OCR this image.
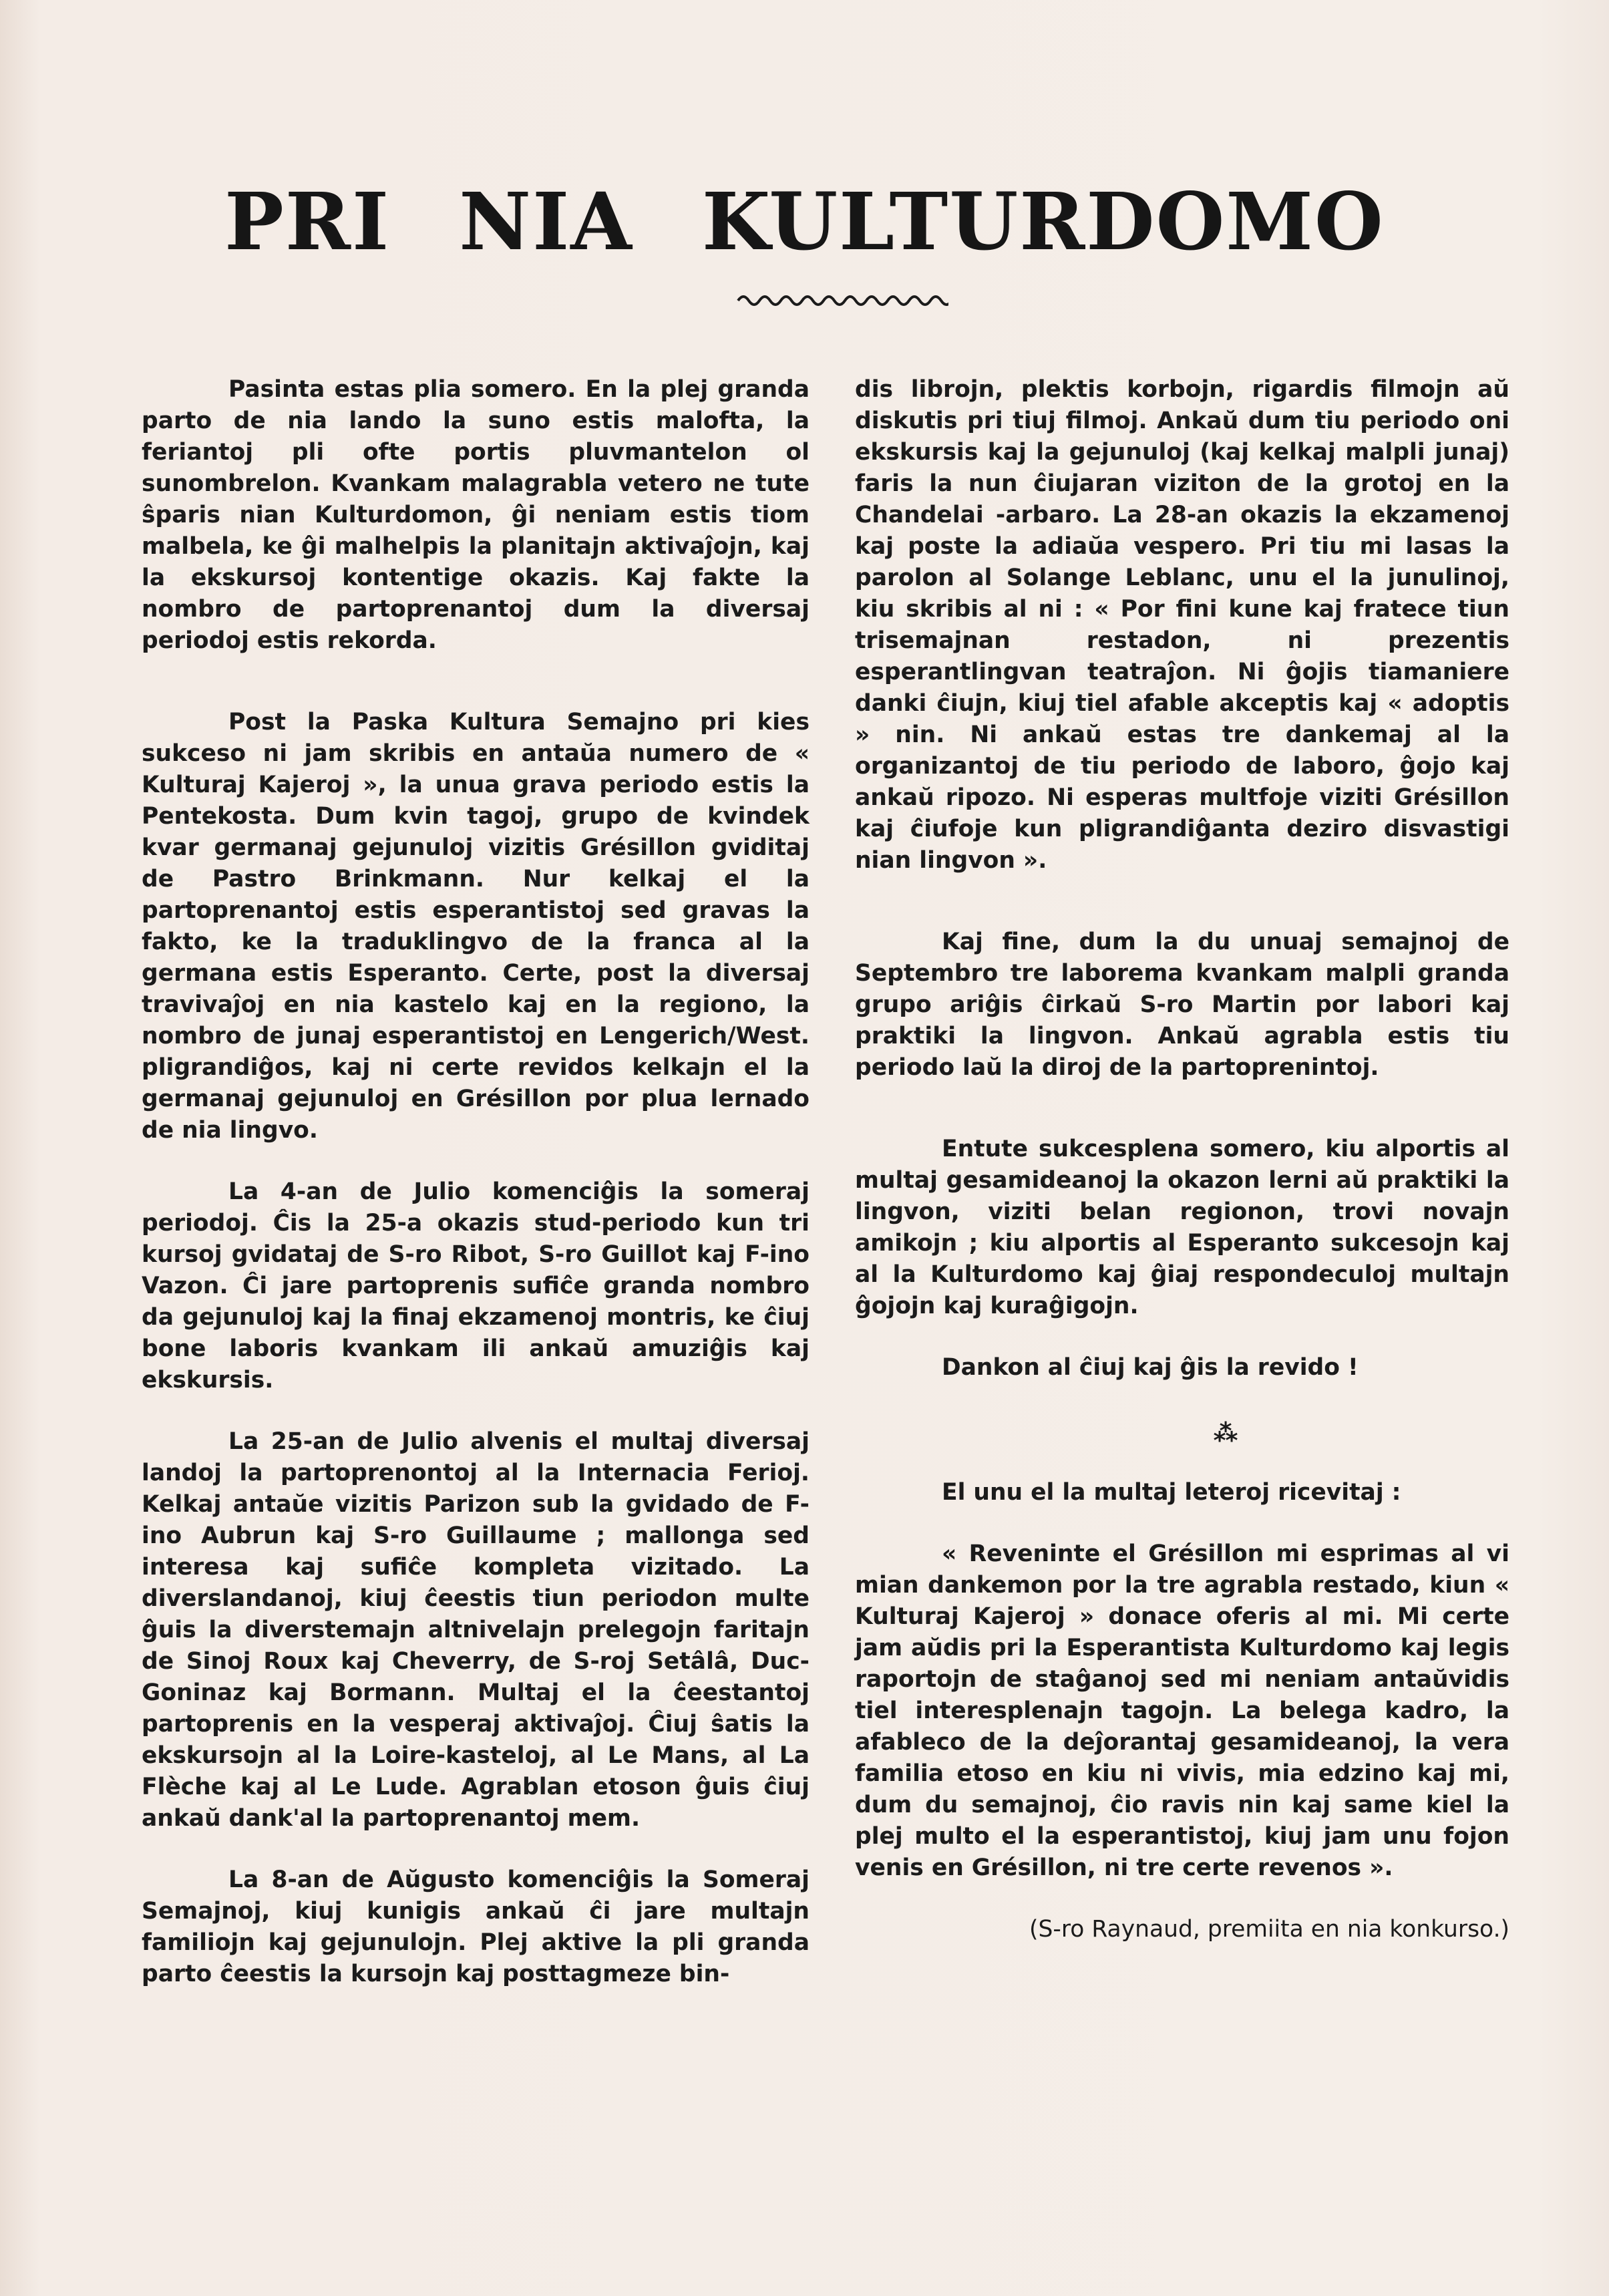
PRI NIA KULTURDOMO

Pasinta estas plia somero. En la plej granda parto de nia lando la suno estis malofta, la feriantoj pli ofte portis pluvmantelon ol sunombrelon. Kvankam malagrabla vetero ne tute ŝparis nian Kulturdomon, ĝi neniam estis tiom malbela, ke ĝi malhelpis la planitajn aktivaĵojn, kaj la ekskursoj kontentige okazis. Kaj fakte la nombro de partoprenantoj dum la diversaj periodoj estis rekorda.

Post la Paska Kultura Semajno pri kies sukceso ni jam skribis en antaŭa numero de « Kulturaj Kajeroj », la unua grava periodo estis la Pentekosta. Dum kvin tagoj, grupo de kvindek kvar germanaj gejunuloj vizitis Grésillon gviditaj de Pastro Brinkmann. Nur kelkaj el la partoprenantoj estis esperantistoj sed gravas la fakto, ke la traduklingvo de la franca al la germana estis Esperanto. Certe, post la diversaj travivaĵoj en nia kastelo kaj en la regiono, la nombro de junaj esperantistoj en Lengerich/West. pligrandiĝos, kaj ni certe revidos kelkajn el la germanaj gejunuloj en Grésillon por plua lernado de nia lingvo.

La 4-an de Julio komenciĝis la someraj periodoj. Ĉis la 25-a okazis stud-periodo kun tri kursoj gvidataj de S-ro Ribot, S-ro Guillot kaj F-ino Vazon. Ĉi jare partoprenis sufiĉe granda nombro da gejunuloj kaj la finaj ekzamenoj montris, ke ĉiuj bone laboris kvankam ili ankaŭ amuziĝis kaj ekskursis.

La 25-an de Julio alvenis el multaj diversaj landoj la partoprenontoj al la Internacia Ferioj. Kelkaj antaŭe vizitis Parizon sub la gvidado de F-ino Aubrun kaj S-ro Guillaume ; mallonga sed interesa kaj sufiĉe kompleta vizitado. La diverslandanoj, kiuj ĉeestis tiun periodon multe ĝuis la diverstemajn altnivelajn prelegojn faritajn de Sinoj Roux kaj Cheverry, de S-roj Setâlâ, Duc-Goninaz kaj Bormann. Multaj el la ĉeestantoj partoprenis en la vesperaj aktivaĵoj. Ĉiuj ŝatis la ekskursojn al la Loire-kasteloj, al Le Mans, al La Flèche kaj al Le Lude. Agrablan etoson ĝuis ĉiuj ankaŭ dank'al la partoprenantoj mem.

La 8-an de Aŭgusto komenciĝis la Someraj Semajnoj, kiuj kunigis ankaŭ ĉi jare multajn familiojn kaj gejunulojn. Plej aktive la pli granda parto ĉeestis la kursojn kaj posttagmeze bin-

dis librojn, plektis korbojn, rigardis filmojn aŭ diskutis pri tiuj filmoj. Ankaŭ dum tiu periodo oni ekskursis kaj la gejunuloj (kaj kelkaj malpli junaj) faris la nun ĉiujaran viziton de la grotoj en la Chandelai -arbaro. La 28-an okazis la ekzamenoj kaj poste la adiaŭa vespero. Pri tiu mi lasas la parolon al Solange Leblanc, unu el la junulinoj, kiu skribis al ni : « Por fini kune kaj fratece tiun trisemajnan restadon, ni prezentis esperantlingvan teatraĵon. Ni ĝojis tiamaniere danki ĉiujn, kiuj tiel afable akceptis kaj « adoptis » nin. Ni ankaŭ estas tre dankemaj al la organizantoj de tiu periodo de laboro, ĝojo kaj ankaŭ ripozo. Ni esperas multfoje viziti Grésillon kaj ĉiufoje kun pligrandiĝanta deziro disvastigi nian lingvon ».

Kaj fine, dum la du unuaj semajnoj de Septembro tre laborema kvankam malpli granda grupo ariĝis ĉirkaŭ S-ro Martin por labori kaj praktiki la lingvon. Ankaŭ agrabla estis tiu periodo laŭ la diroj de la partoprenintoj.

Entute sukcesplena somero, kiu alportis al multaj gesamideanoj la okazon lerni aŭ praktiki la lingvon, viziti belan regionon, trovi novajn amikojn ; kiu alportis al Esperanto sukcesojn kaj al la Kulturdomo kaj ĝiaj respondeculoj multajn ĝojojn kaj kuraĝigojn.

Dankon al ĉiuj kaj ĝis la revido !

⁂

El unu el la multaj leteroj ricevitaj :

« Reveninte el Grésillon mi esprimas al vi mian dankemon por la tre agrabla restado, kiun « Kulturaj Kajeroj » donace oferis al mi. Mi certe jam aŭdis pri la Esperantista Kulturdomo kaj legis raportojn de staĝanoj sed mi neniam antaŭvidis tiel interesplenajn tagojn. La belega kadro, la afableco de la deĵorantaj gesamideanoj, la vera familia etoso en kiu ni vivis, mia edzino kaj mi, dum du semajnoj, ĉio ravis nin kaj same kiel la plej multo el la esperantistoj, kiuj jam unu fojon venis en Grésillon, ni tre certe revenos ».

(S-ro Raynaud, premiita en nia konkurso.)
